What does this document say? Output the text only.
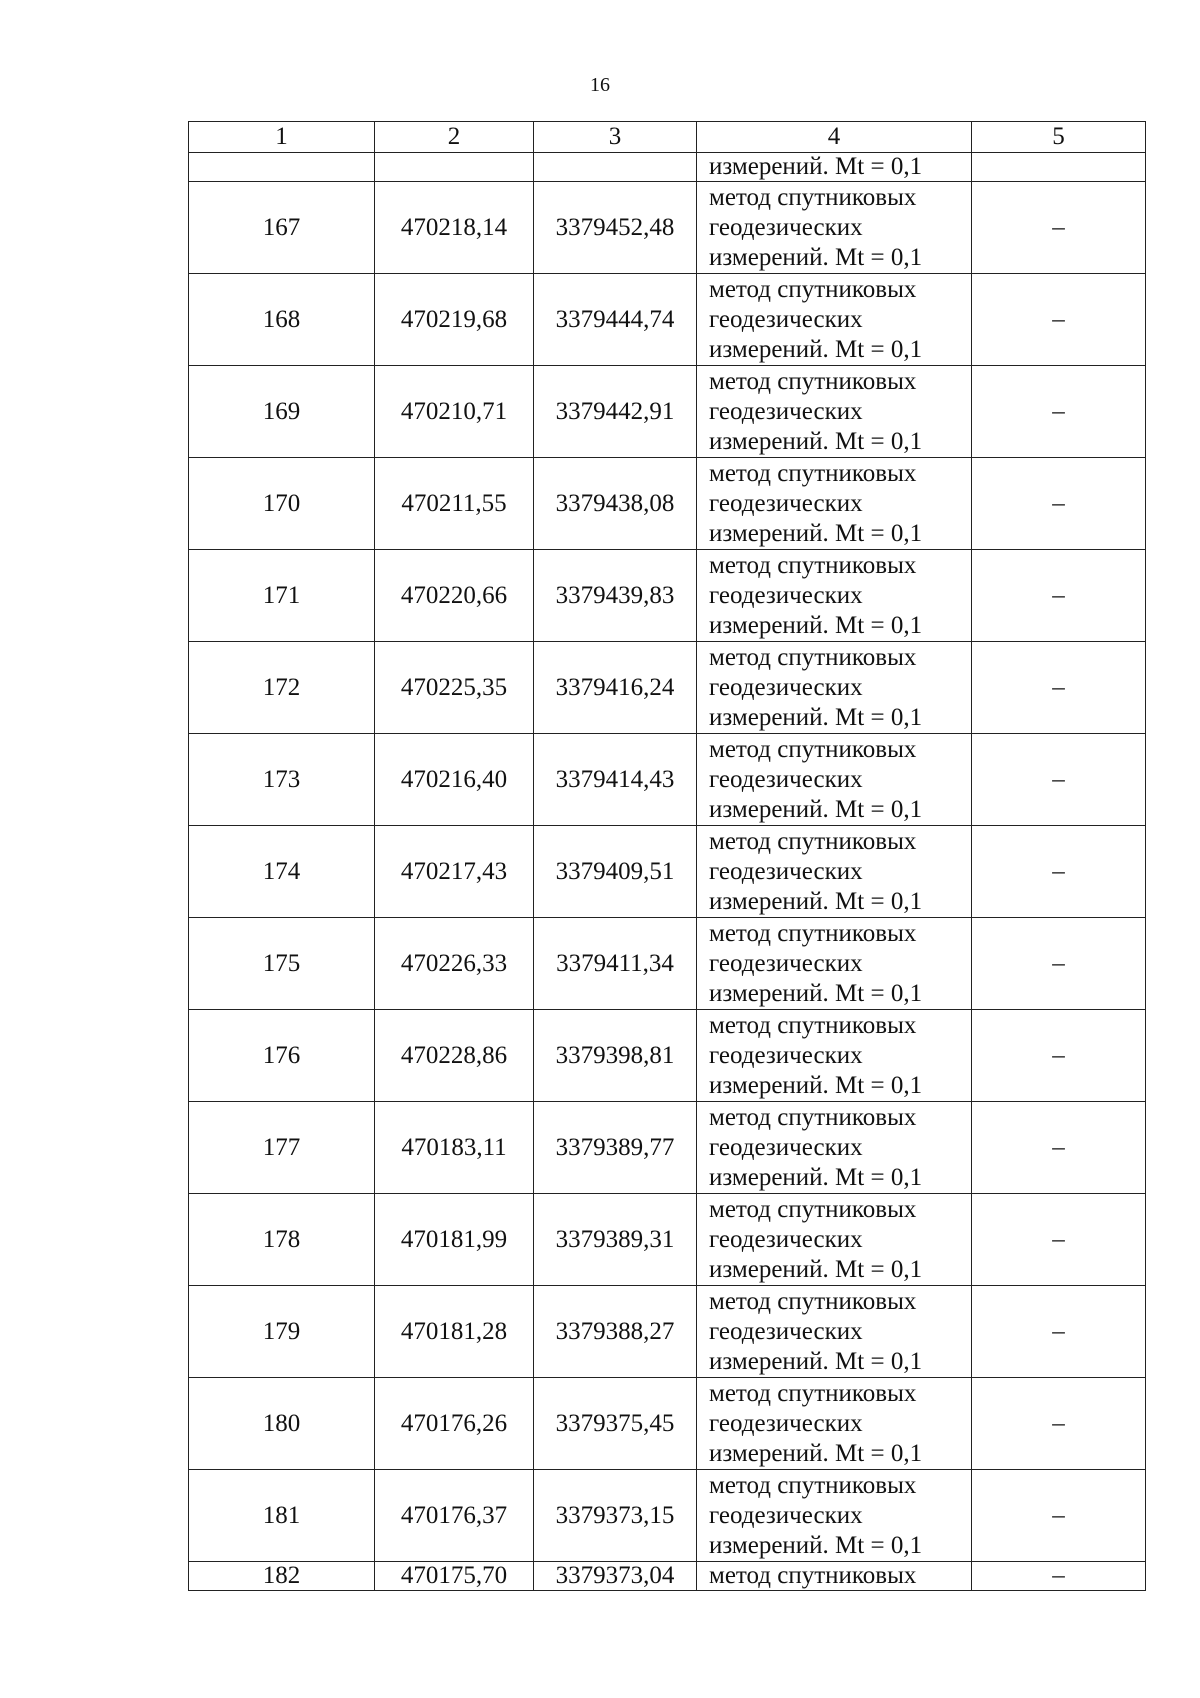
16
1	2	3	4	5
			измерений. Mt = 0,1	
167	470218,14	3379452,48	метод спутниковых
геодезических
измерений. Mt = 0,1	–
168	470219,68	3379444,74	метод спутниковых
геодезических
измерений. Mt = 0,1	–
169	470210,71	3379442,91	метод спутниковых
геодезических
измерений. Mt = 0,1	–
170	470211,55	3379438,08	метод спутниковых
геодезических
измерений. Mt = 0,1	–
171	470220,66	3379439,83	метод спутниковых
геодезических
измерений. Mt = 0,1	–
172	470225,35	3379416,24	метод спутниковых
геодезических
измерений. Mt = 0,1	–
173	470216,40	3379414,43	метод спутниковых
геодезических
измерений. Mt = 0,1	–
174	470217,43	3379409,51	метод спутниковых
геодезических
измерений. Mt = 0,1	–
175	470226,33	3379411,34	метод спутниковых
геодезических
измерений. Mt = 0,1	–
176	470228,86	3379398,81	метод спутниковых
геодезических
измерений. Mt = 0,1	–
177	470183,11	3379389,77	метод спутниковых
геодезических
измерений. Mt = 0,1	–
178	470181,99	3379389,31	метод спутниковых
геодезических
измерений. Mt = 0,1	–
179	470181,28	3379388,27	метод спутниковых
геодезических
измерений. Mt = 0,1	–
180	470176,26	3379375,45	метод спутниковых
геодезических
измерений. Mt = 0,1	–
181	470176,37	3379373,15	метод спутниковых
геодезических
измерений. Mt = 0,1	–
182	470175,70	3379373,04	метод спутниковых	–
